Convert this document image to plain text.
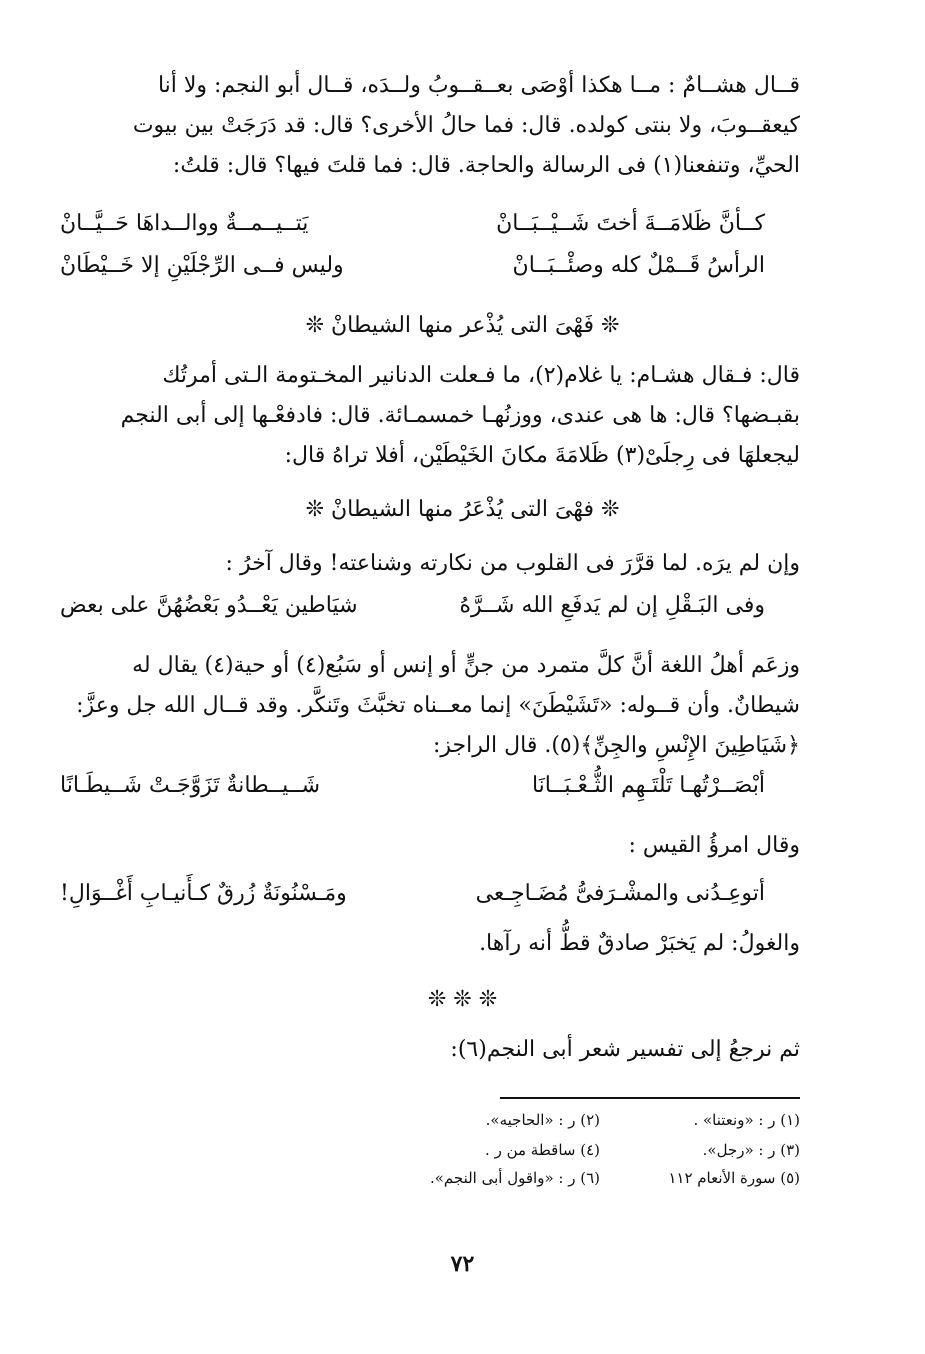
قــال هشــامٌ : مــا هكذا أوْصَى بعــقــوبُ ولــدَه، قــال أبو النجم: ولا أنا
كيعقــوبَ، ولا بنتى كولده. قال: فما حالُ الأخرى؟ قال: قد دَرَجَتْ بين بيوت
الحيِّ، وتنفعنا(١) فى الرسالة والحاجة. قال: فما قلتَ فيها؟ قال: قلتُ:
كــأنَّ ظَلامَــةَ أختَ شَــيْــبَــانْ
يَتــيــمــةٌ ووالــداهَا حَــيَّــانْ
الرأسُ قَــمْلٌ كله وصئْــبَــانْ
وليس فــى الرِّجْلَيْنِ إلا خَــيْطَانْ
❊ فَهْىَ التى يُذْعر منها الشيطانْ ❊
قال: فـقال هشـام: يا غلام(٢)، ما فـعلت الدنانير المخـتومة الـتى أمرتُك
بقبـضها؟ قال: ها هى عندى، ووزنُهـا خمسمـائة. قال: فادفعْـها إلى أبى النجم
ليجعلهَا فى رِجلَىْ(٣) ظَلامَةَ مكانَ الخَيْطَيْن، أفلا تراهُ قال:
❊ فهْىَ التى يُذْعَرُ منها الشيطانْ ❊
وإن لم يرَه. لما قرَّرَ فى القلوب من نكارته وشناعته! وقال آخرُ :
وفى البَـقْلِ إن لم يَدفَعِ الله شَــرَّهُ
شيَاطين يَعْــدُو بَعْضُهُنَّ على بعض
وزعَم أهلُ اللغة أنَّ كلَّ متمرد من جنٍّ أو إنس أو سَبُع(٤) أو حية(٤) يقال له
شيطانٌ. وأن قــوله: «تَشَيْطَنَ» إنما معــناه تخبَّثَ وتَنكَّر. وقد قــال الله جل وعزَّ:
﴿شَيَاطِينَ الإِنْسِ والجِنِّ﴾(٥). قال الراجز:
أبْصَــرْتُهـا تَلْتَـهِم الثُّـعْـبَــانَا
شَــيــطانةٌ تَزَوَّجَـتْ شَــيطَـانًا
وقال امرؤُ القيس :
أتوعِـدُنى والمشْـرَفىُّ مُضَـاجِـعى
ومَـسْنُونَةٌ زُرقٌ كـأَنيـابِ أَغْــوَالِ!
والغولُ: لم يَخبَرْ صادقٌ قطُّ أنه رآها.
❊ ❊ ❊
ثم نرجعُ إلى تفسير شعر أبى النجم(٦):
(١) ر : «ونعتنا» .
(٢) ر : «الحاجيه».
(٣) ر : «رجل».
(٤) ساقطة من ر .
(٥) سورة الأنعام ١١٢
(٦) ر : «واقول أبى النجم».
٧٢
